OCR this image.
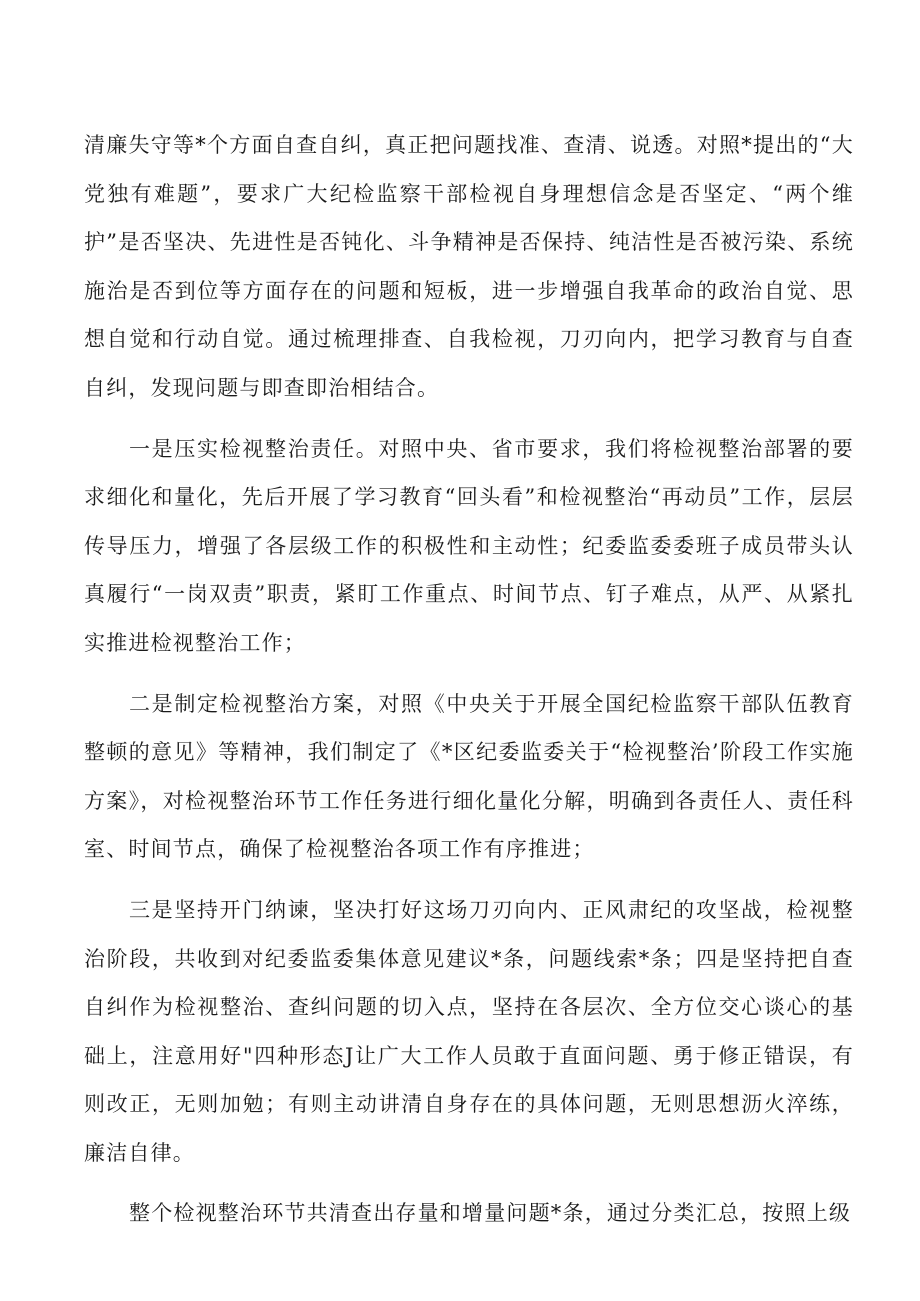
清廉失守等*个方面自查自纠，真正把问题找准、查清、说透。对照*提出的“大党独有难题”，要求广大纪检监察干部检视自身理想信念是否坚定、“两个维护”是否坚决、先进性是否钝化、斗争精神是否保持、纯洁性是否被污染、系统施治是否到位等方面存在的问题和短板，进一步增强自我革命的政治自觉、思想自觉和行动自觉。通过梳理排查、自我检视，刀刃向内，把学习教育与自查自纠，发现问题与即查即治相结合。

一是压实检视整治责任。对照中央、省市要求，我们将检视整治部署的要求细化和量化，先后开展了学习教育“回头看”和检视整治“再动员”工作，层层传导压力，增强了各层级工作的积极性和主动性；纪委监委委班子成员带头认真履行“一岗双责”职责，紧盯工作重点、时间节点、钉子难点，从严、从紧扎实推进检视整治工作；

二是制定检视整治方案，对照《中央关于开展全国纪检监察干部队伍教育整顿的意见》等精神，我们制定了《*区纪委监委关于“检视整治’阶段工作实施方案》，对检视整治环节工作任务进行细化量化分解，明确到各责任人、责任科室、时间节点，确保了检视整治各项工作有序推进；

三是坚持开门纳谏，坚决打好这场刀刃向内、正风肃纪的攻坚战，检视整治阶段，共收到对纪委监委集体意见建议*条，问题线索*条；四是坚持把自查自纠作为检视整治、查纠问题的切入点，坚持在各层次、全方位交心谈心的基础上，注意用好"四种形态J让广大工作人员敢于直面问题、勇于修正错误，有则改正，无则加勉；有则主动讲清自身存在的具体问题，无则思想沥火淬练，廉洁自律。

整个检视整治环节共清查出存量和增量问题*条，通过分类汇总，按照上级
